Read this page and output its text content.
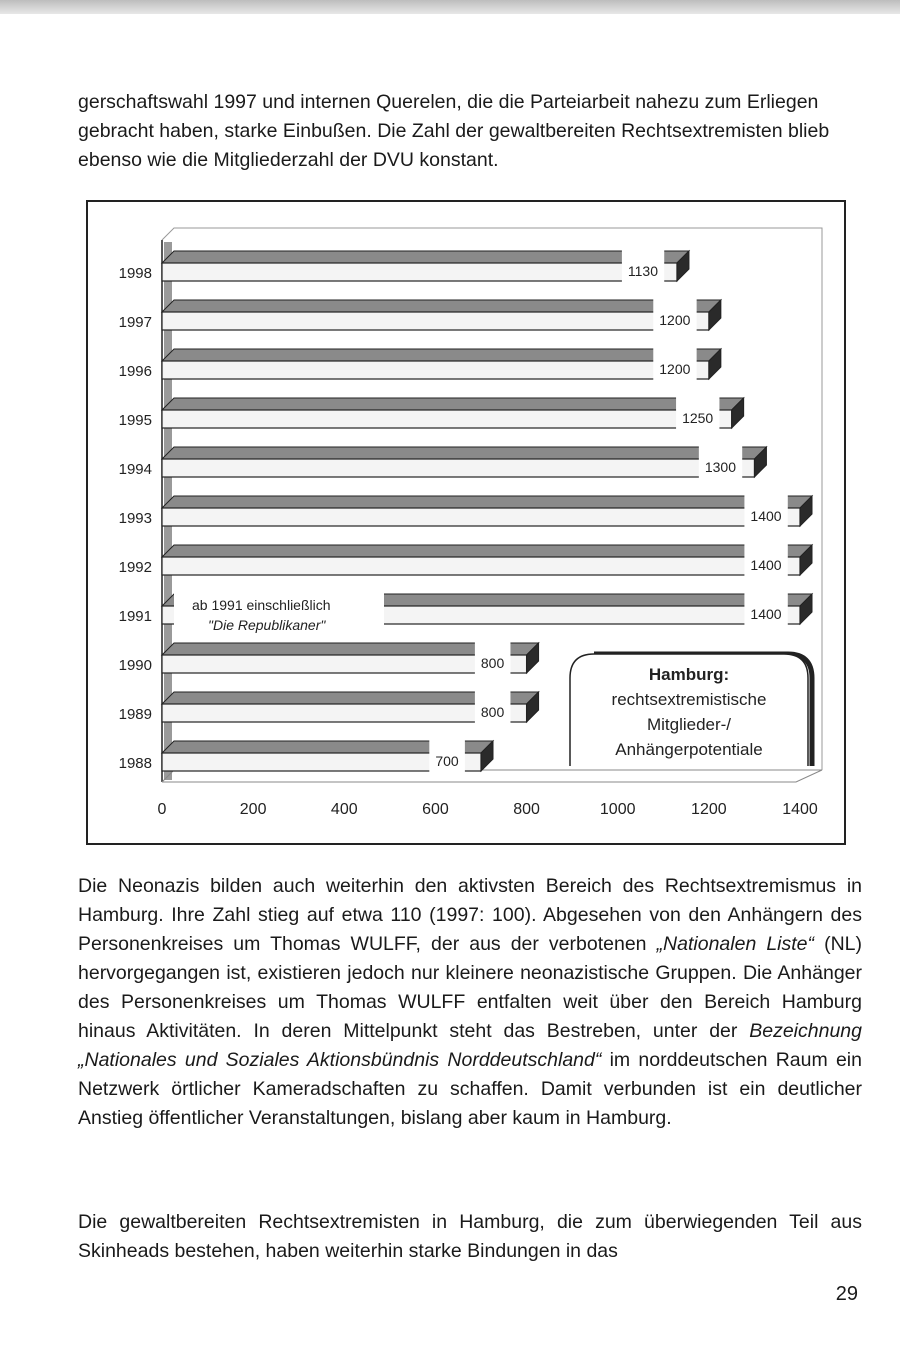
gerschaftswahl 1997 und internen Querelen, die die Parteiarbeit nahezu zum Erliegen gebracht haben, starke Einbußen. Die Zahl der gewaltbereiten Rechtsextremisten blieb ebenso wie die Mitgliederzahl der DVU konstant.

1130
1998
1200
1997
1200
1996
1250
1995
1300
1994
1400
1993
1400
1992
1400
1991
ab 1991 einschließlich
"Die Republikaner"
800
1990
800
1989
700
1988
0	200	400	600	800	1000	1200	1400
Hamburg:
rechtsextremistische
Mitglieder-/
Anhängerpotentiale

Die Neonazis bilden auch weiterhin den aktivsten Bereich des Rechtsextremismus in Hamburg. Ihre Zahl stieg auf etwa 110 (1997: 100). Abgesehen von den Anhängern des Personenkreises um Thomas WULFF, der aus der verbotenen „Nationalen Liste“ (NL) hervorgegangen ist, existieren jedoch nur kleinere neonazistische Gruppen. Die Anhänger des Personenkreises um Thomas WULFF entfalten weit über den Bereich Hamburg hinaus Aktivitäten. In deren Mittelpunkt steht das Bestreben, unter der Bezeichnung „Nationales und Soziales Aktionsbündnis Norddeutschland“ im norddeutschen Raum ein Netzwerk örtlicher Kameradschaften zu schaffen. Damit verbunden ist ein deutlicher Anstieg öffentlicher Veranstaltungen, bislang aber kaum in Hamburg.

Die gewaltbereiten Rechtsextremisten in Hamburg, die zum überwiegenden Teil aus Skinheads bestehen, haben weiterhin starke Bindungen in das

29
